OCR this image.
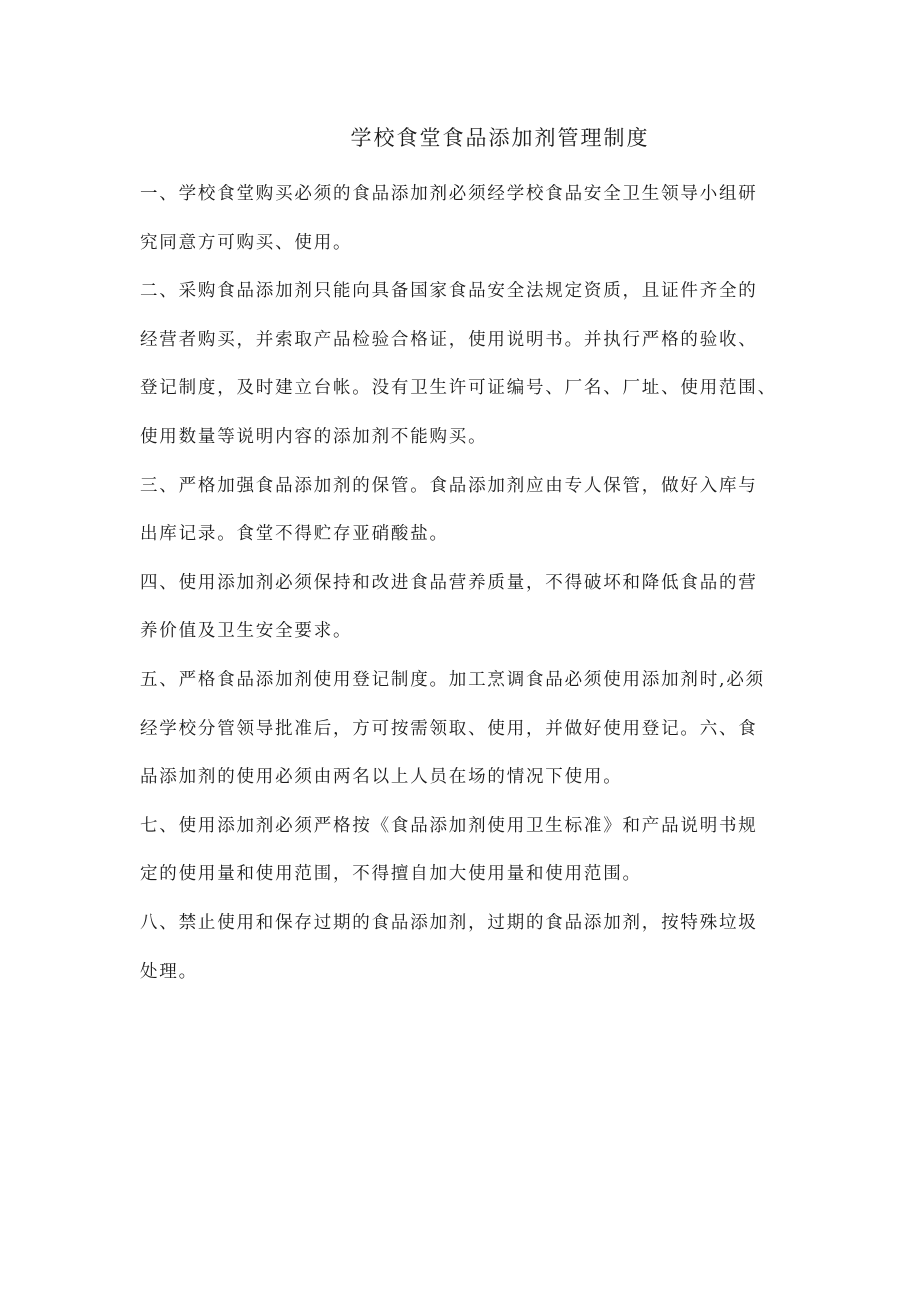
学校食堂食品添加剂管理制度

一、学校食堂购买必须的食品添加剂必须经学校食品安全卫生领导小组研
究同意方可购买、使用。

二、采购食品添加剂只能向具备国家食品安全法规定资质，且证件齐全的
经营者购买，并索取产品检验合格证，使用说明书。并执行严格的验收、
登记制度，及时建立台帐。没有卫生许可证编号、厂名、厂址、使用范围、
使用数量等说明内容的添加剂不能购买。

三、严格加强食品添加剂的保管。食品添加剂应由专人保管，做好入库与
出库记录。食堂不得贮存亚硝酸盐。

四、使用添加剂必须保持和改进食品营养质量，不得破坏和降低食品的营
养价值及卫生安全要求。

五、严格食品添加剂使用登记制度。加工烹调食品必须使用添加剂时,必须
经学校分管领导批准后，方可按需领取、使用，并做好使用登记。六、食
品添加剂的使用必须由两名以上人员在场的情况下使用。

七、使用添加剂必须严格按《食品添加剂使用卫生标准》和产品说明书规
定的使用量和使用范围，不得擅自加大使用量和使用范围。

八、禁止使用和保存过期的食品添加剂，过期的食品添加剂，按特殊垃圾
处理。
